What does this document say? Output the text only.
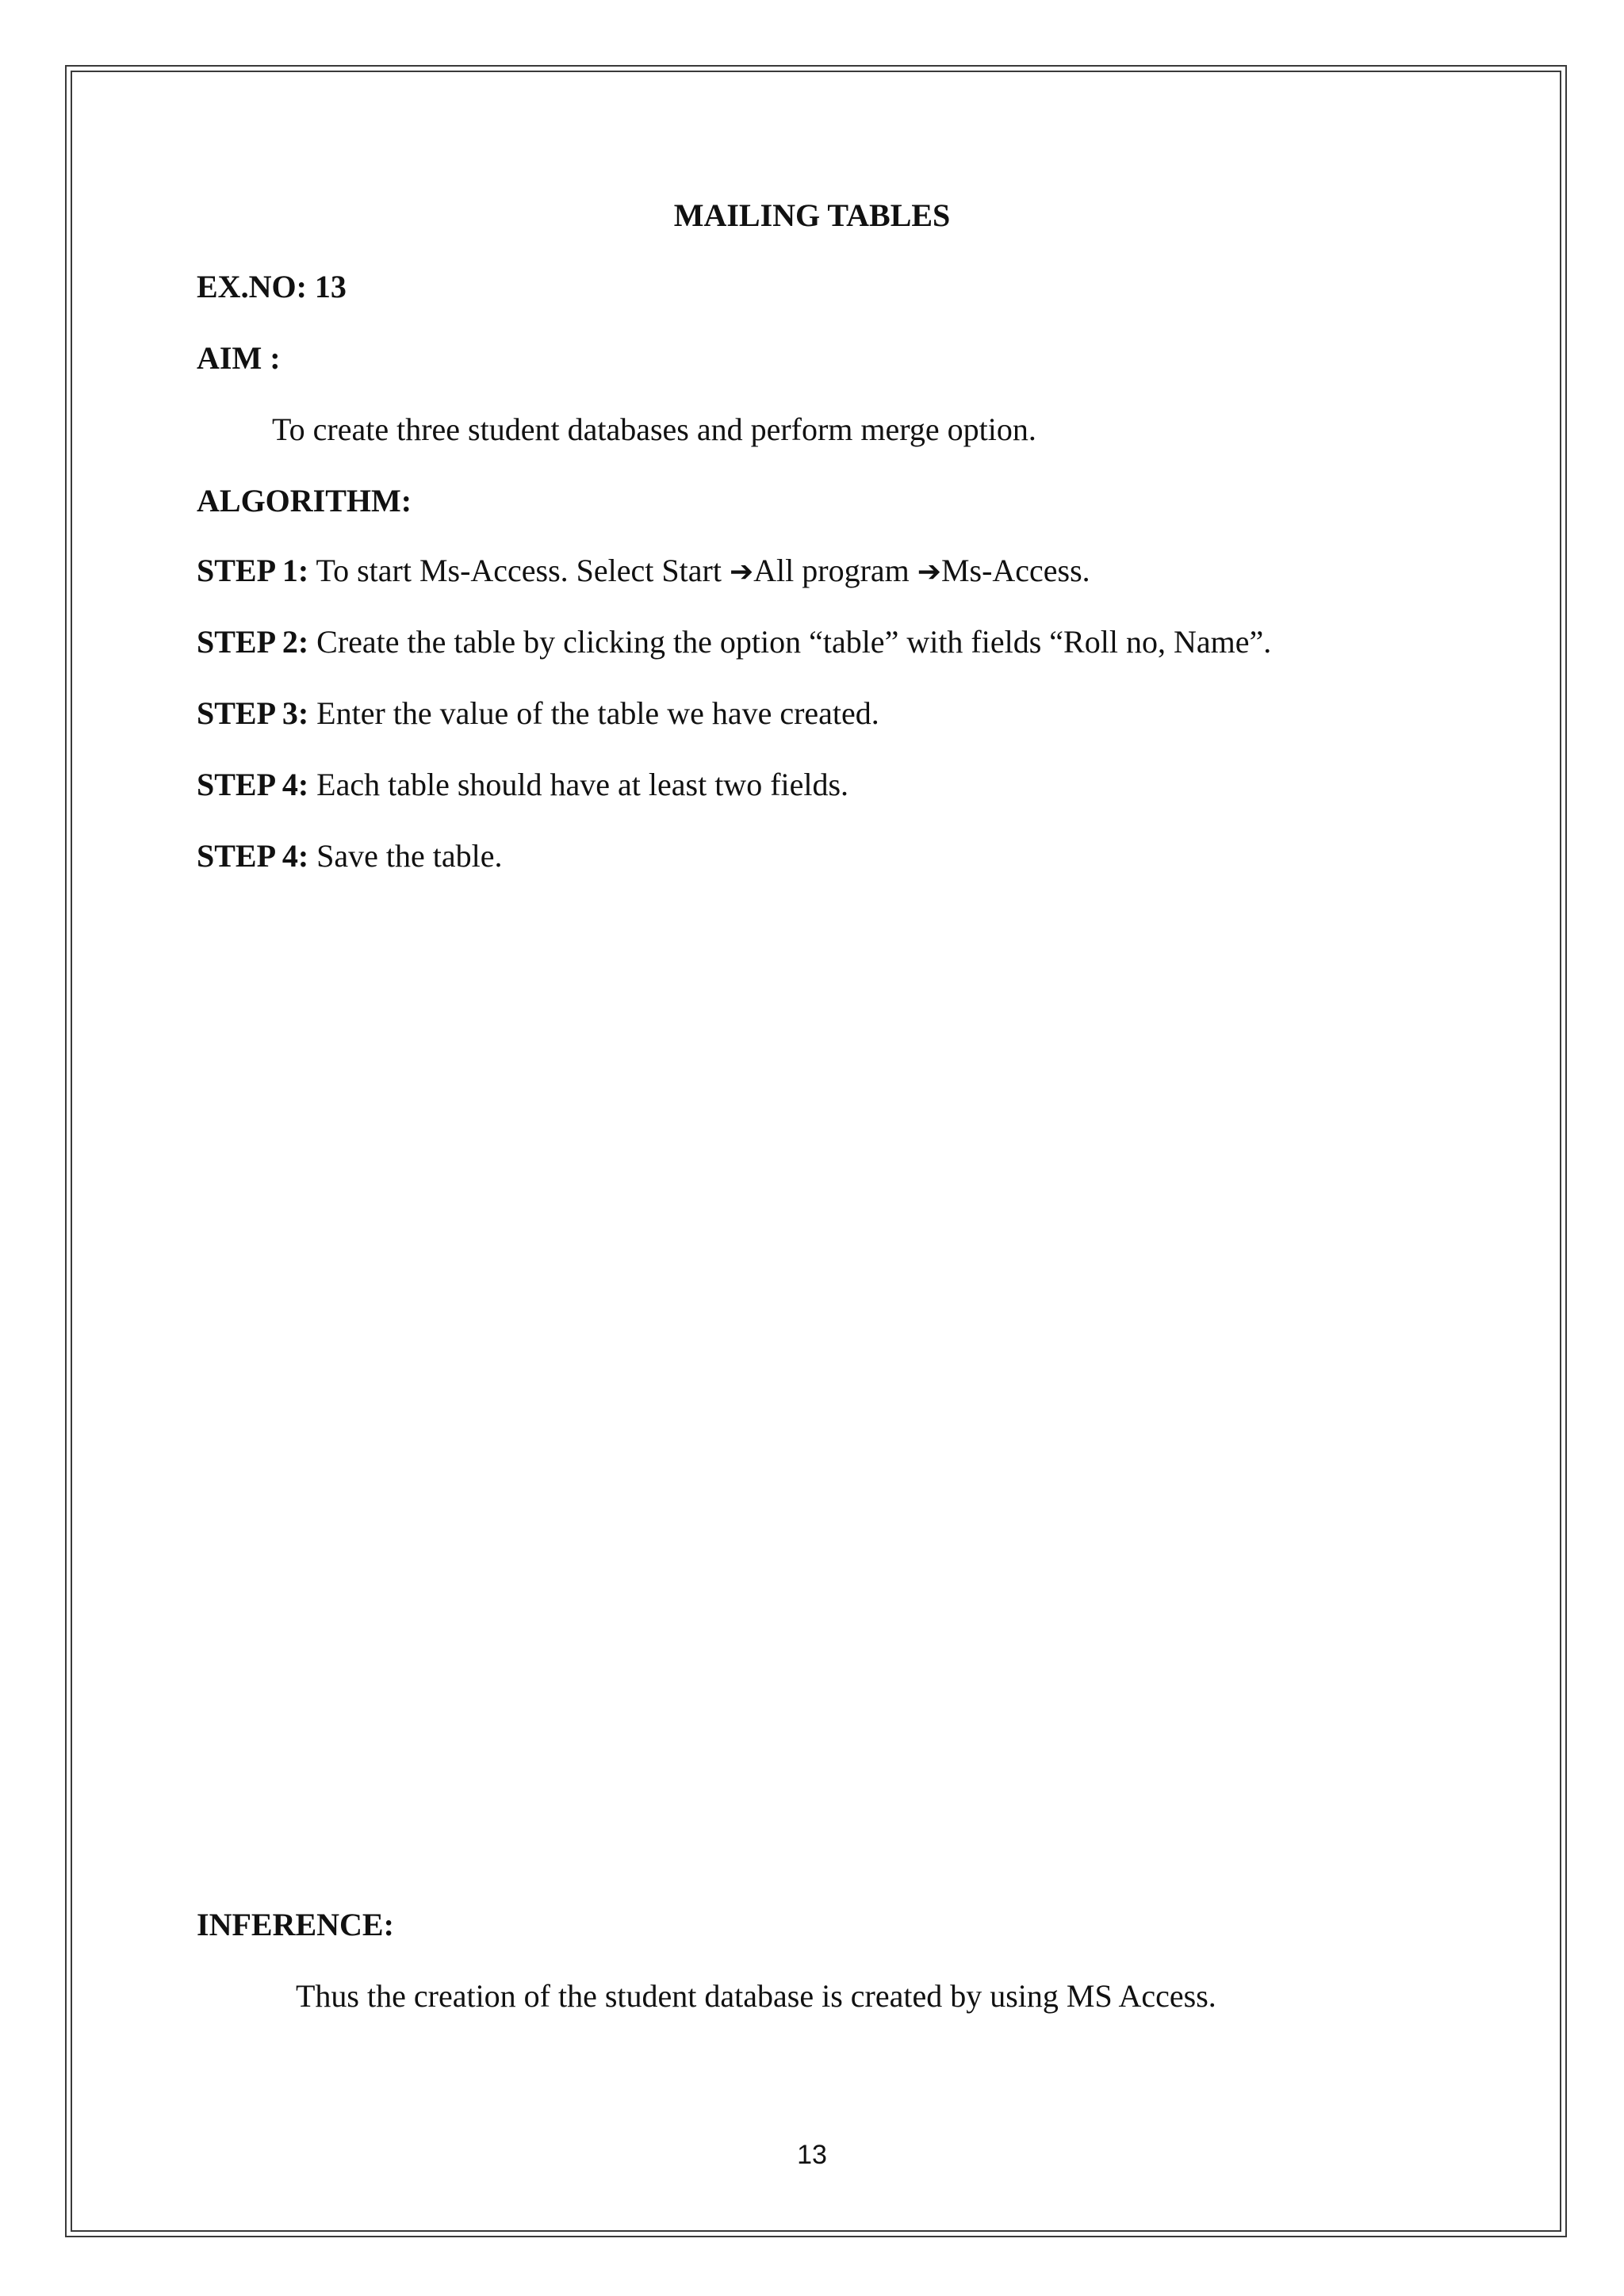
MAILING TABLES
EX.NO: 13
AIM :
To create three student databases and perform merge option.
ALGORITHM:
STEP 1: To start Ms-Access. Select Start ➔All program ➔Ms-Access.
STEP 2: Create the table by clicking the option “table” with fields “Roll no, Name”.
STEP 3: Enter the value of the table we have created.
STEP 4: Each table should have at least two fields.
STEP 4: Save the table.
INFERENCE:
Thus the creation of the student database is created by using MS Access.
13
